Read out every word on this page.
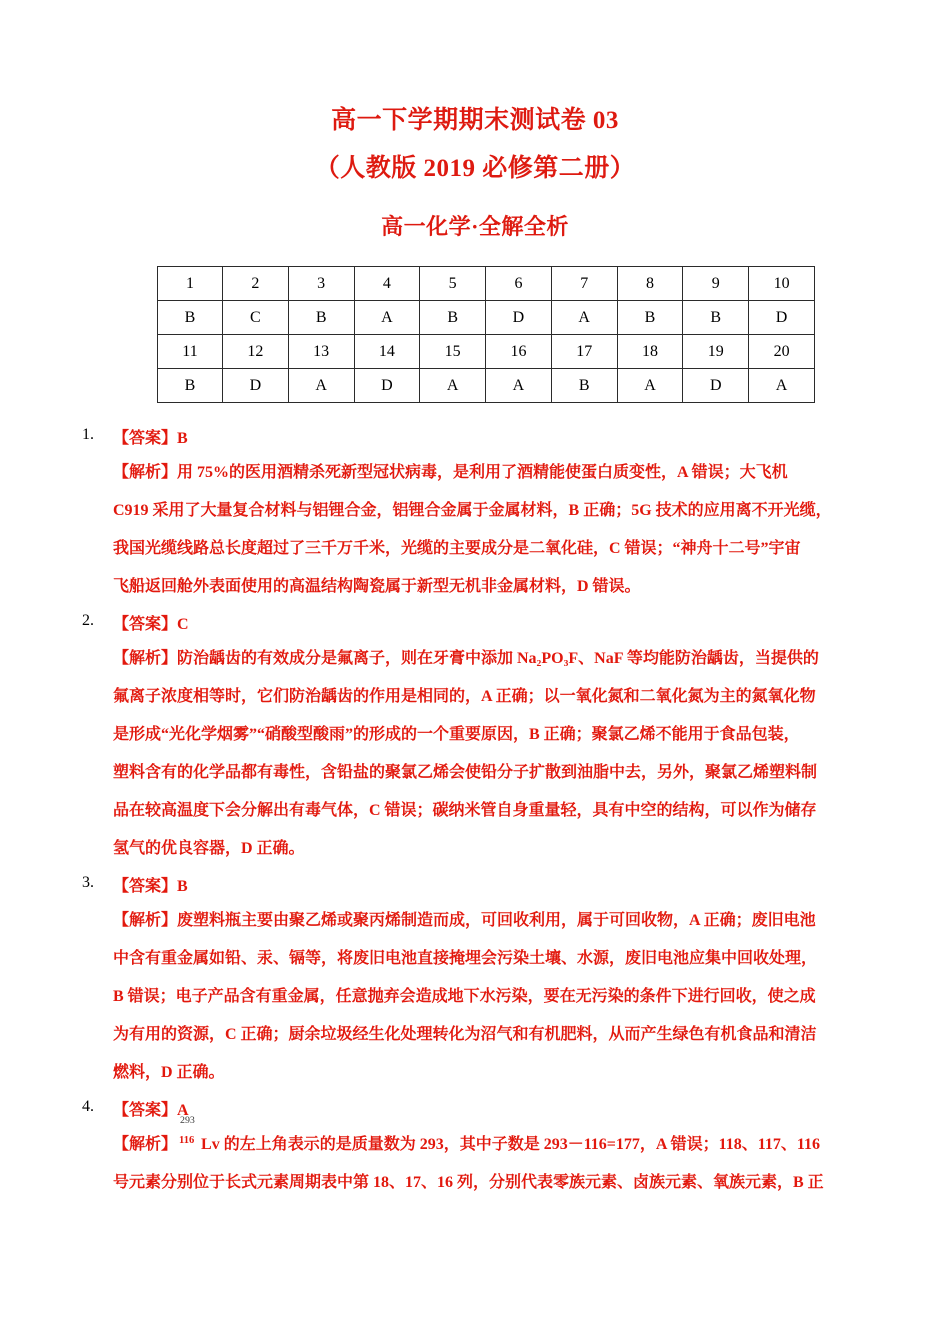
高一下学期期末测试卷 03
（人教版 2019 必修第二册）
高一化学·全解全析
1	2	3	4	5	6	7	8	9	10
B	C	B	A	B	D	A	B	B	D
11	12	13	14	15	16	17	18	19	20
B	D	A	D	A	A	B	A	D	A
1.	【答案】B
【解析】用 75%的医用酒精杀死新型冠状病毒，是利用了酒精能使蛋白质变性，A 错误；大飞机
C919 采用了大量复合材料与铝锂合金，铝锂合金属于金属材料，B 正确；5G 技术的应用离不开光缆，
我国光缆线路总长度超过了三千万千米，光缆的主要成分是二氧化硅，C 错误；“神舟十二号”宇宙
飞船返回舱外表面使用的高温结构陶瓷属于新型无机非金属材料，D 错误。
2.	【答案】C
【解析】防治龋齿的有效成分是氟离子，则在牙膏中添加 Na₂PO₃F、NaF 等均能防治龋齿，当提供的
氟离子浓度相等时，它们防治龋齿的作用是相同的，A 正确；以一氧化氮和二氧化氮为主的氮氧化物
是形成“光化学烟雾”“硝酸型酸雨”的形成的一个重要原因，B 正确；聚氯乙烯不能用于食品包装，
塑料含有的化学品都有毒性，含铅盐的聚氯乙烯会使铅分子扩散到油脂中去，另外，聚氯乙烯塑料制
品在较高温度下会分解出有毒气体，C 错误；碳纳米管自身重量轻，具有中空的结构，可以作为储存
氢气的优良容器，D 正确。
3.	【答案】B
【解析】废塑料瓶主要由聚乙烯或聚丙烯制造而成，可回收利用，属于可回收物，A 正确；废旧电池
中含有重金属如铅、汞、镉等，将废旧电池直接掩埋会污染土壤、水源，废旧电池应集中回收处理，
B 错误；电子产品含有重金属，任意抛弃会造成地下水污染，要在无污染的条件下进行回收，使之成
为有用的资源，C 正确；厨余垃圾经生化处理转化为沼气和有机肥料，从而产生绿色有机食品和清洁
燃料，D 正确。
4.	【答案】A
【解析】
293
116 Lv 的左上角表示的是质量数为 293，其中子数是 293－116=177，A 错误；118、117、116
号元素分别位于长式元素周期表中第 18、17、16 列，分别代表零族元素、卤族元素、氧族元素，B 正
